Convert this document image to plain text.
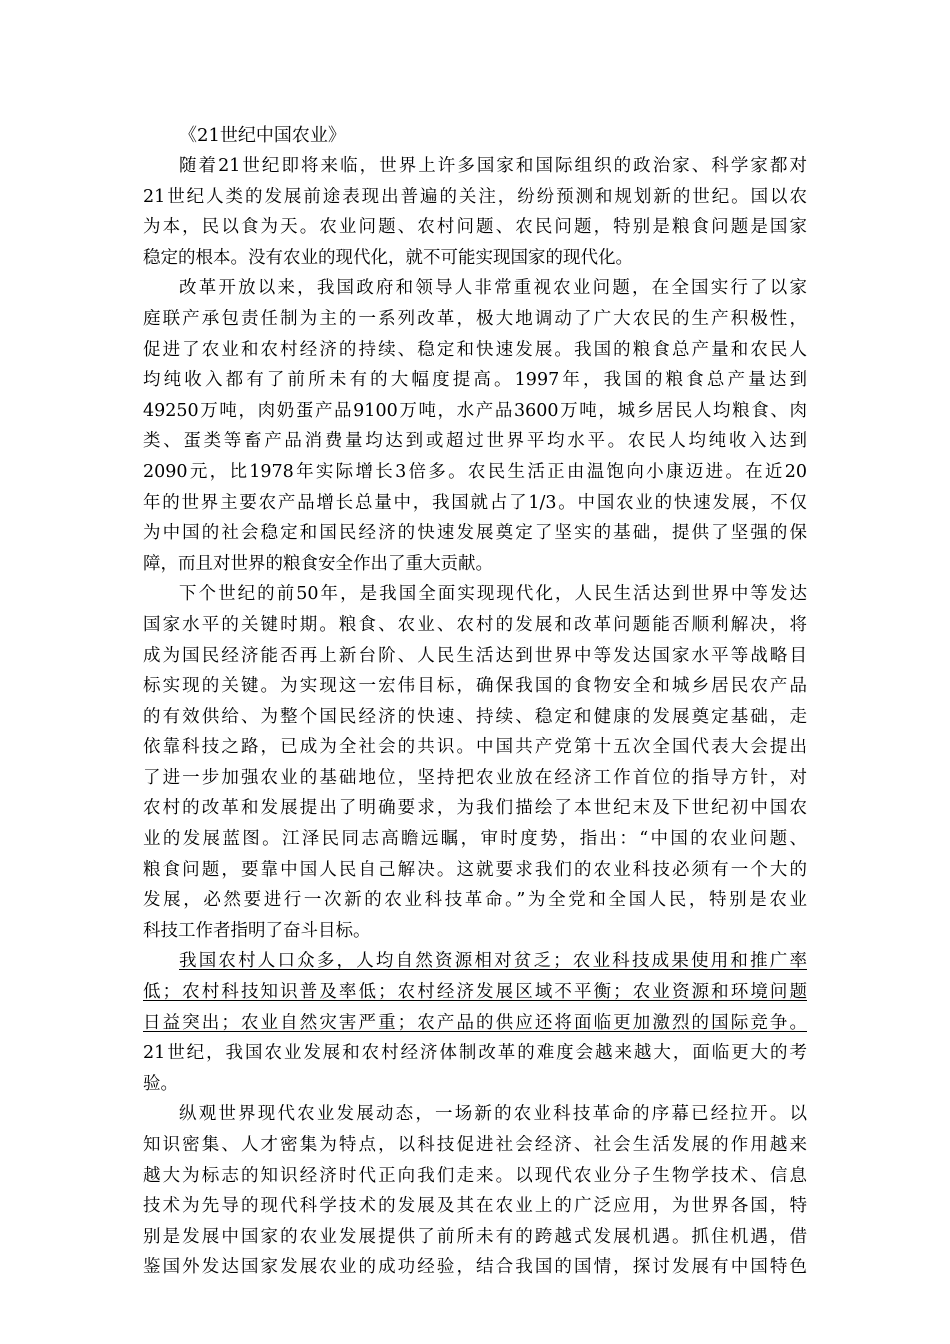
《21世纪中国农业》

随着21世纪即将来临，世界上许多国家和国际组织的政治家、科学家都对
21世纪人类的发展前途表现出普遍的关注，纷纷预测和规划新的世纪。国以农
为本，民以食为天。农业问题、农村问题、农民问题，特别是粮食问题是国家
稳定的根本。没有农业的现代化，就不可能实现国家的现代化。
改革开放以来，我国政府和领导人非常重视农业问题，在全国实行了以家
庭联产承包责任制为主的一系列改革，极大地调动了广大农民的生产积极性，
促进了农业和农村经济的持续、稳定和快速发展。我国的粮食总产量和农民人
均纯收入都有了前所未有的大幅度提高。1997年，我国的粮食总产量达到
49250万吨，肉奶蛋产品9100万吨，水产品3600万吨，城乡居民人均粮食、肉
类、蛋类等畜产品消费量均达到或超过世界平均水平。农民人均纯收入达到
2090元，比1978年实际增长3倍多。农民生活正由温饱向小康迈进。在近20
年的世界主要农产品增长总量中，我国就占了1/3。中国农业的快速发展，不仅
为中国的社会稳定和国民经济的快速发展奠定了坚实的基础，提供了坚强的保
障，而且对世界的粮食安全作出了重大贡献。
下个世纪的前50年，是我国全面实现现代化，人民生活达到世界中等发达
国家水平的关键时期。粮食、农业、农村的发展和改革问题能否顺利解决，将
成为国民经济能否再上新台阶、人民生活达到世界中等发达国家水平等战略目
标实现的关键。为实现这一宏伟目标，确保我国的食物安全和城乡居民农产品
的有效供给、为整个国民经济的快速、持续、稳定和健康的发展奠定基础，走
依靠科技之路，已成为全社会的共识。中国共产党第十五次全国代表大会提出
了进一步加强农业的基础地位，坚持把农业放在经济工作首位的指导方针，对
农村的改革和发展提出了明确要求，为我们描绘了本世纪末及下世纪初中国农
业的发展蓝图。江泽民同志高瞻远瞩，审时度势，指出：“中国的农业问题、
粮食问题，要靠中国人民自己解决。这就要求我们的农业科技必须有一个大的
发展，必然要进行一次新的农业科技革命。”为全党和全国人民，特别是农业
科技工作者指明了奋斗目标。
我国农村人口众多，人均自然资源相对贫乏；农业科技成果使用和推广率
低；农村科技知识普及率低；农村经济发展区域不平衡；农业资源和环境问题
日益突出；农业自然灾害严重；农产品的供应还将面临更加激烈的国际竞争。
21世纪，我国农业发展和农村经济体制改革的难度会越来越大，面临更大的考
验。
纵观世界现代农业发展动态，一场新的农业科技革命的序幕已经拉开。以
知识密集、人才密集为特点，以科技促进社会经济、社会生活发展的作用越来
越大为标志的知识经济时代正向我们走来。以现代农业分子生物学技术、信息
技术为先导的现代科学技术的发展及其在农业上的广泛应用，为世界各国，特
别是发展中国家的农业发展提供了前所未有的跨越式发展机遇。抓住机遇，借
鉴国外发达国家发展农业的成功经验，结合我国的国情，探讨发展有中国特色
